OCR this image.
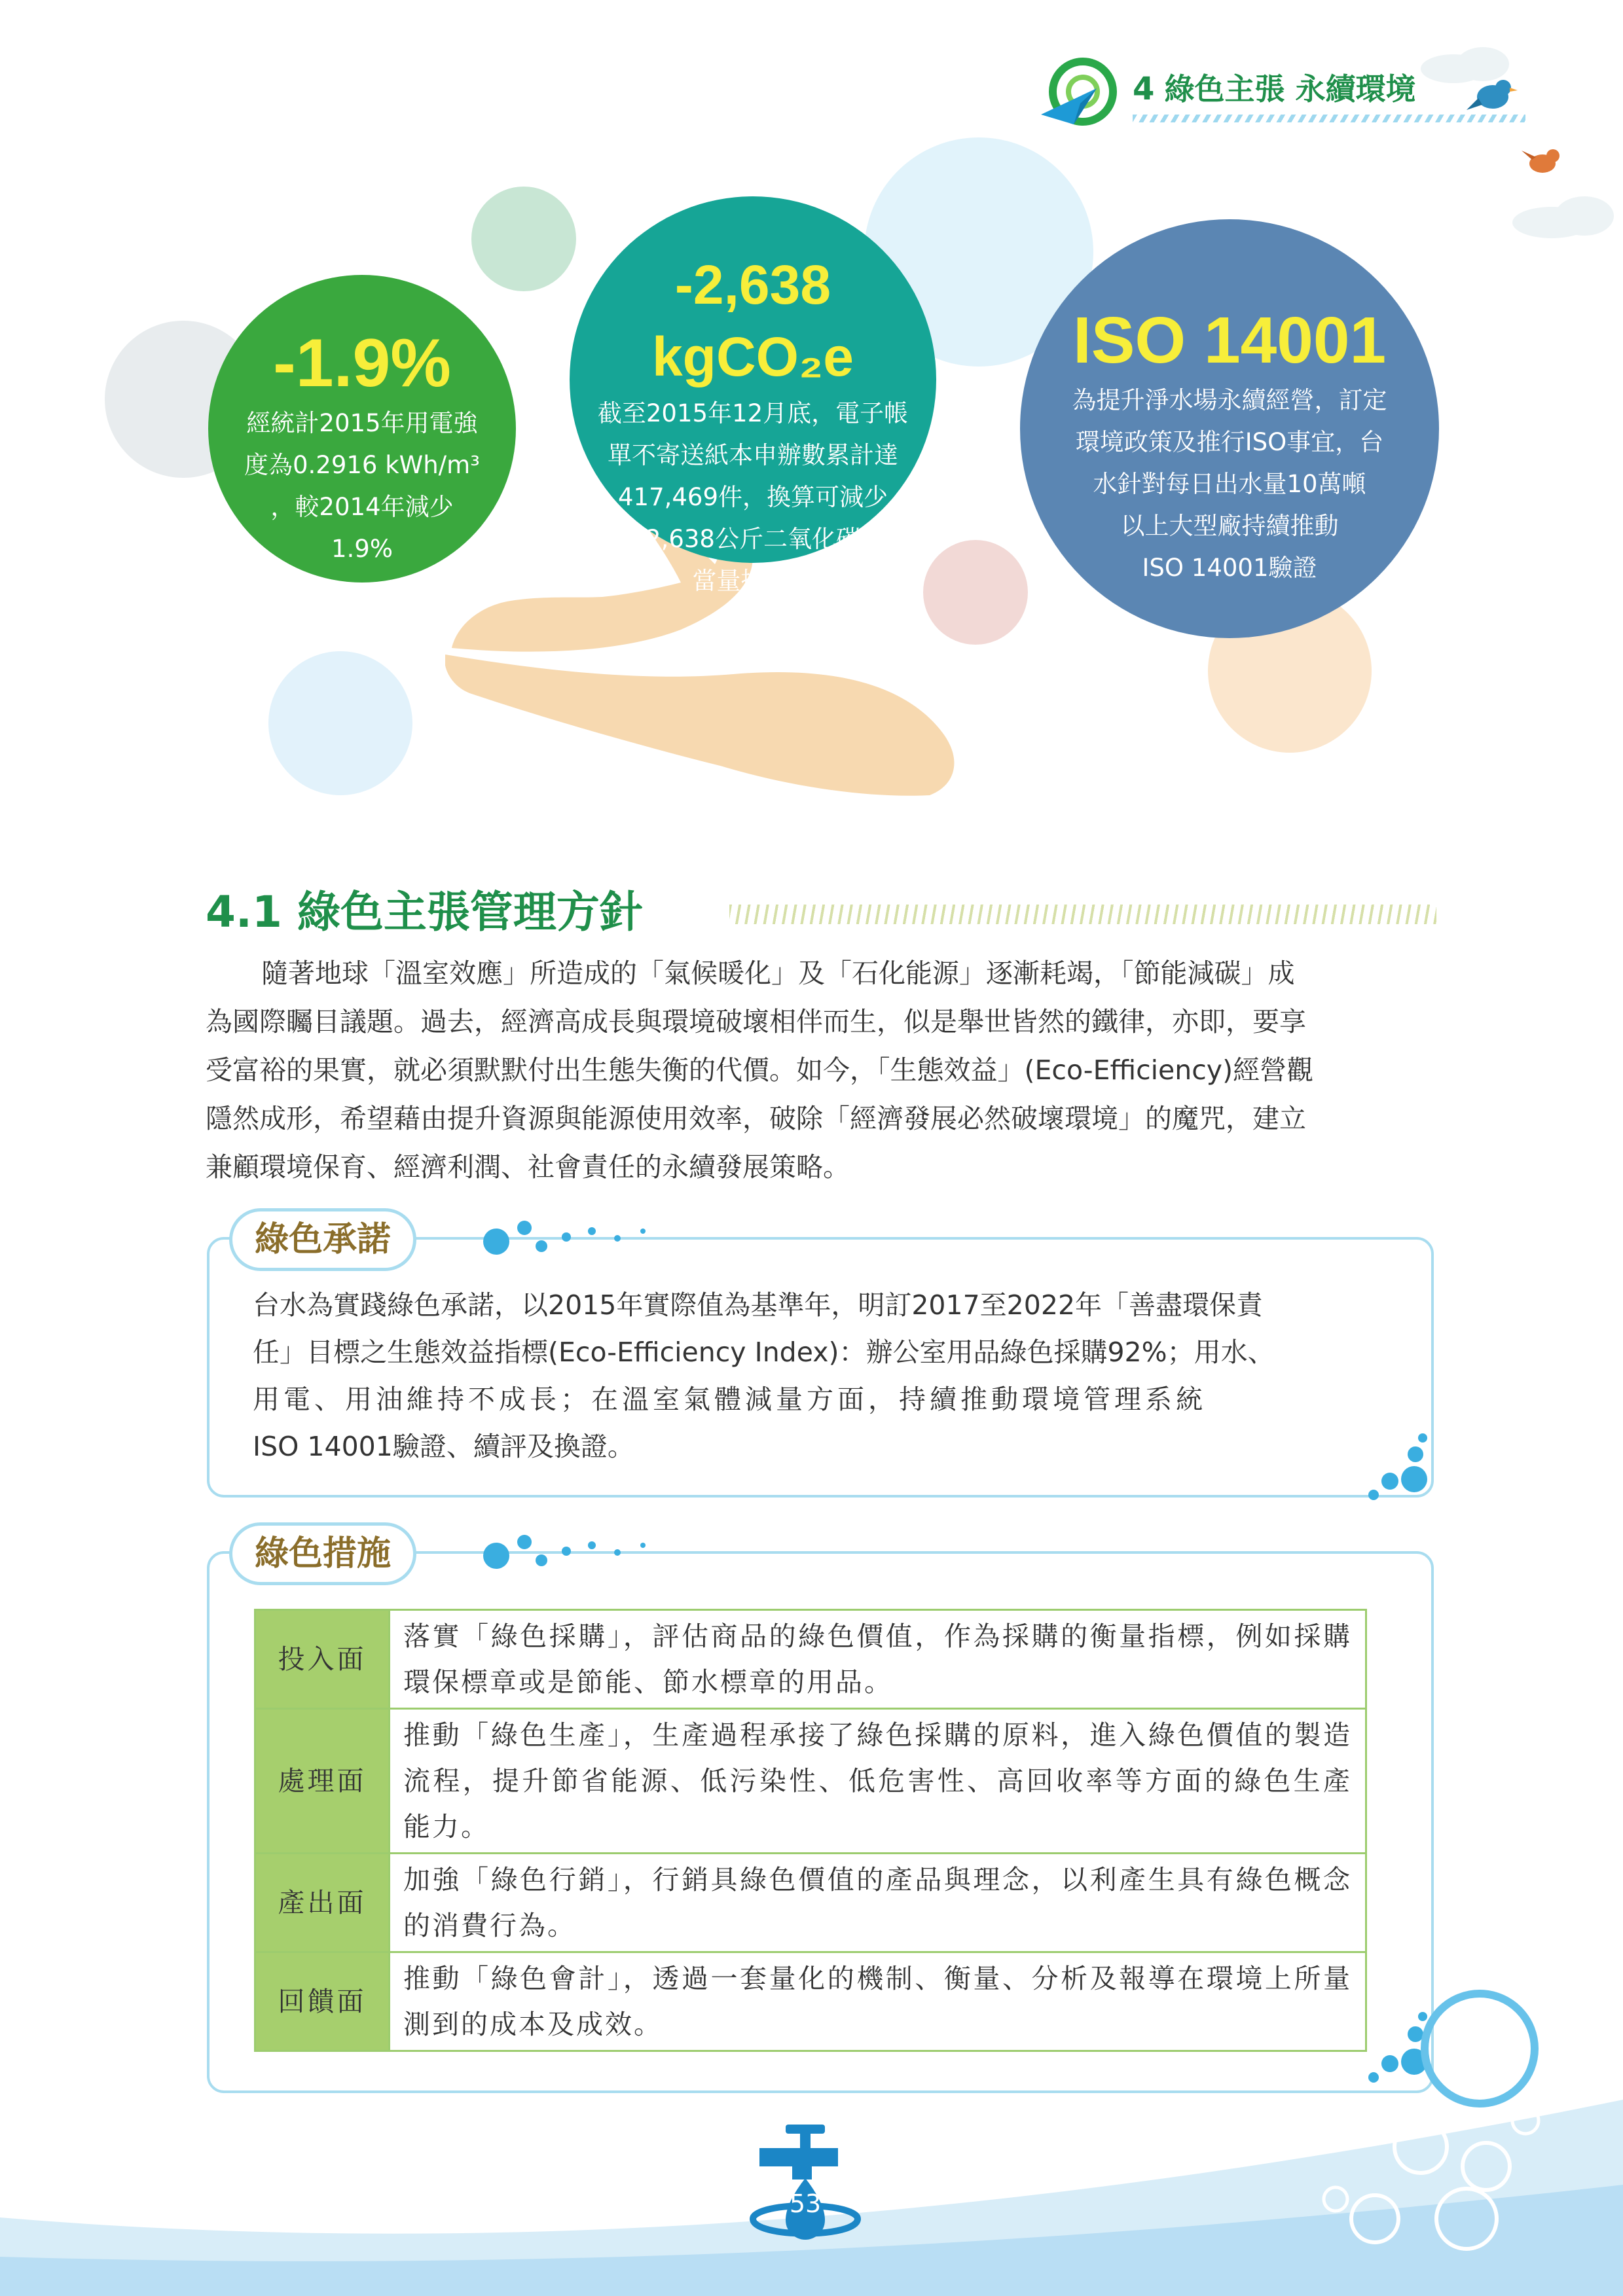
4 綠色主張 永續環境
-1.9%
經統計2015年用電強
度為0.2916 kWh/m³
，較2014年減少
1.9%
-2,638 kgCO₂e
截至2015年12月底，電子帳
單不寄送紙本申辦數累計達
417,469件，換算可減少
2,638公斤二氧化碳
當量排放量
ISO 14001
為提升淨水場永續經營，訂定
環境政策及推行ISO事宜，台
水針對每日出水量10萬噸
以上大型廠持續推動
ISO 14001驗證
4.1 綠色主張管理方針

隨著地球「溫室效應」所造成的「氣候暖化」及「石化能源」逐漸耗竭，「節能減碳」成

為國際矚目議題。過去，經濟高成長與環境破壞相伴而生，似是舉世皆然的鐵律，亦即，要享

受富裕的果實，就必須默默付出生態失衡的代價。如今，「生態效益」(Eco-Efficiency)經營觀

隱然成形，希望藉由提升資源與能源使用效率，破除「經濟發展必然破壞環境」的魔咒，建立

兼顧環境保育、經濟利潤、社會責任的永續發展策略。

綠色承諾
台水為實踐綠色承諾，以2015年實際值為基準年，明訂2017至2022年「善盡環保責
任」目標之生態效益指標(Eco-Efficiency Index)：辦公室用品綠色採購92%；用水、
用電、用油維持不成長；在溫室氣體減量方面，持續推動環境管理系統
ISO 14001驗證、續評及換證。
綠色措施
投入面	落實「綠色採購」，評估商品的綠色價值，作為採購的衡量指標，例如採購環保標章或是節能、節水標章的用品。
處理面	推動「綠色生產」，生產過程承接了綠色採購的原料，進入綠色價值的製造流程，提升節省能源、低污染性、低危害性、高回收率等方面的綠色生產能力。
產出面	加強「綠色行銷」，行銷具綠色價值的產品與理念，以利產生具有綠色概念的消費行為。
回饋面	推動「綠色會計」，透過一套量化的機制、衡量、分析及報導在環境上所量測到的成本及成效。
53
